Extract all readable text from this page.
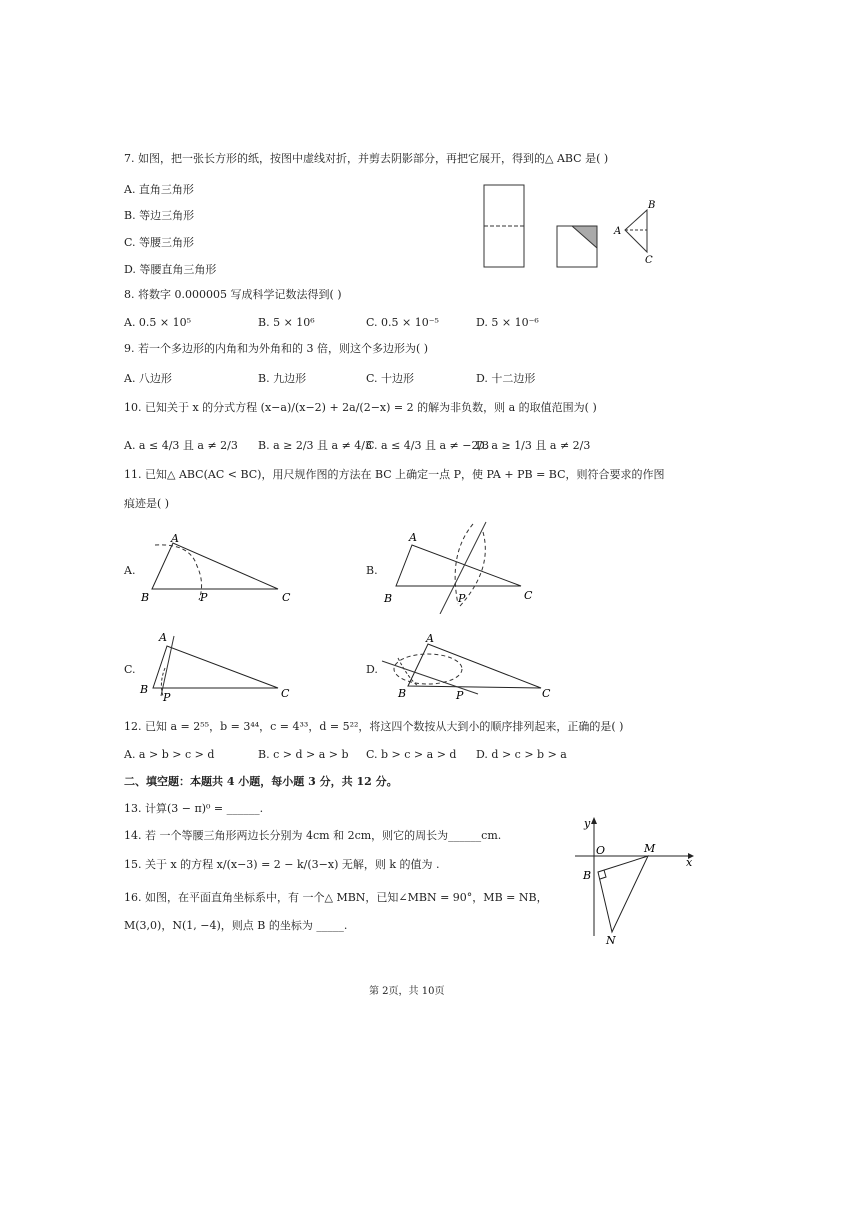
7. 如图，把一张长方形的纸，按图中虚线对折，并剪去阴影部分，再把它展开，得到的△ ABC 是( )
A. 直角三角形
B. 等边三角形
C. 等腰三角形
D. 等腰直角三角形
A
B
C
8. 将数字 0.000005 写成科学记数法得到( )
A. 0.5 × 10⁵	B. 5 × 10⁶	C. 0.5 × 10⁻⁵	D. 5 × 10⁻⁶
9. 若一个多边形的内角和为外角和的 3 倍，则这个多边形为( )
A. 八边形	B. 九边形	C. 十边形	D. 十二边形
10. 已知关于 x 的分式方程 (x−a)/(x−2) + 2a/(2−x) = 2 的解为非负数，则 a 的取值范围为( )
A. a ≤ 4/3 且 a ≠ 2/3 B. a ≥ 2/3 且 a ≠ 4/3
C. a ≤ 4/3 且 a ≠ −2/3
D. a ≥ 1/3 且 a ≠ 2/3
11. 已知△ ABC(AC < BC)，用尺规作图的方法在 BC 上确定一点 P，使 PA + PB = BC，则符合要求的作图
痕迹是( )
A.
A
B	C
P
B.
A
B	C
P
C.
A
B	C
P
D.
A
B	C
P
12. 已知 a = 2⁵⁵，b = 3⁴⁴，c = 4³³，d = 5²²，将这四个数按从大到小的顺序排列起来，正确的是( )
A. a > b > c > d	B. c > d > a > b C. b > c > a > d D. d > c > b > a
二、填空题：本题共 4 小题，每小题 3 分，共 12 分。
13. 计算(3 − π)⁰ = ______.
14. 若 一个等腰三角形两边长分别为 4cm 和 2cm，则它的周长为______cm.
15. 关于 x 的方程 x/(x−3) = 2 − k/(3−x) 无解，则 k 的值为 .
16. 如图，在平面直角坐标系中，有 一个△ MBN，已知∠MBN = 90°，MB = NB，
M(3,0)，N(1, −4)，则点 B 的坐标为 _____.
y
x
O	M
B
N
第 2页，共 10页
